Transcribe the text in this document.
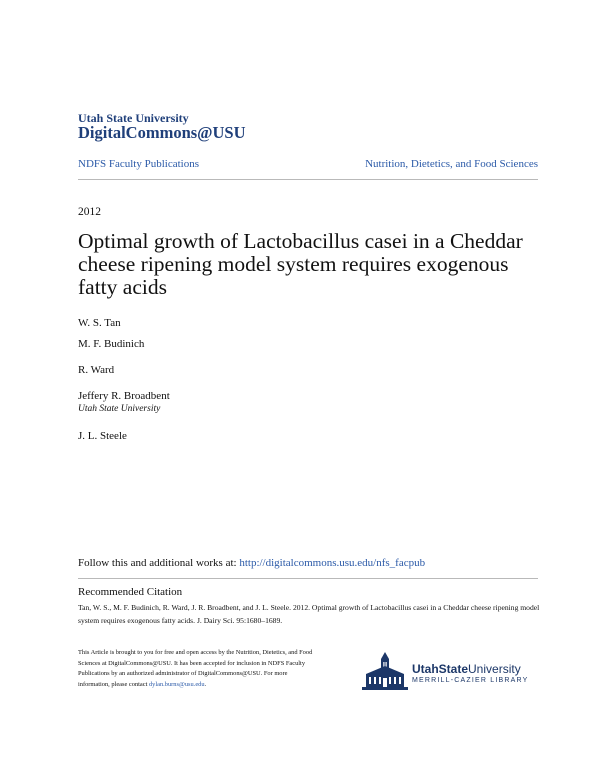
Utah State University
DigitalCommons@USU
NDFS Faculty Publications	Nutrition, Dietetics, and Food Sciences
2012
Optimal growth of Lactobacillus casei in a Cheddar cheese ripening model system requires exogenous fatty acids
W. S. Tan
M. F. Budinich
R. Ward
Jeffery R. Broadbent
Utah State University
J. L. Steele
Follow this and additional works at: http://digitalcommons.usu.edu/nfs_facpub
Recommended Citation
Tan, W. S., M. F. Budinich, R. Ward, J. R. Broadbent, and J. L. Steele. 2012. Optimal growth of Lactobacillus casei in a Cheddar cheese ripening model system requires exogenous fatty acids. J. Dairy Sci. 95:1680–1689.
This Article is brought to you for free and open access by the Nutrition, Dietetics, and Food Sciences at DigitalCommons@USU. It has been accepted for inclusion in NDFS Faculty Publications by an authorized administrator of DigitalCommons@USU. For more information, please contact dylan.burns@usu.edu.
UtahStateUniversity
MERRILL-CAZIER LIBRARY
